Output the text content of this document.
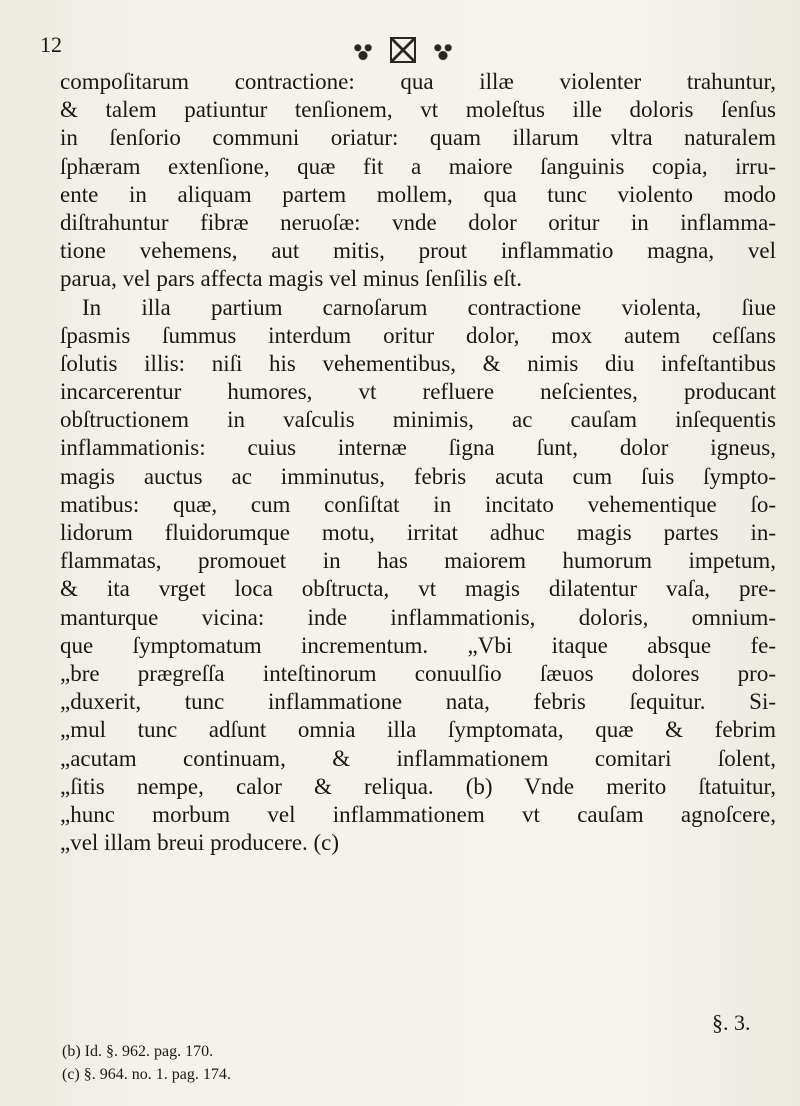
12
compoſitarum contractione: qua illæ violenter trahuntur,
& talem patiuntur tenſionem, vt moleſtus ille doloris ſenſus
in ſenſorio communi oriatur: quam illarum vltra naturalem
ſphæram extenſione, quæ fit a maiore ſanguinis copia, irru-
ente in aliquam partem mollem, qua tunc violento modo
diſtrahuntur fibræ neruoſæ: vnde dolor oritur in inflamma-
tione vehemens, aut mitis, prout inflammatio magna, vel
parua, vel pars affecta magis vel minus ſenſilis eſt.
In illa partium carnoſarum contractione violenta, ſiue
ſpasmis ſummus interdum oritur dolor, mox autem ceſſans
ſolutis illis: niſi his vehementibus, & nimis diu infeſtantibus
incarcerentur humores, vt refluere neſcientes, producant
obſtructionem in vaſculis minimis, ac cauſam inſequentis
inflammationis: cuius internæ ſigna ſunt, dolor igneus,
magis auctus ac imminutus, febris acuta cum ſuis ſympto-
matibus: quæ, cum conſiſtat in incitato vehementique ſo-
lidorum fluidorumque motu, irritat adhuc magis partes in-
flammatas, promouet in has maiorem humorum impetum,
& ita vrget loca obſtructa, vt magis dilatentur vaſa, pre-
manturque vicina: inde inflammationis, doloris, omnium-
que ſymptomatum incrementum. „Vbi itaque absque fe-
„bre prægreſſa inteſtinorum conuulſio ſæuos dolores pro-
„duxerit, tunc inflammatione nata, febris ſequitur. Si-
„mul tunc adſunt omnia illa ſymptomata, quæ & febrim
„acutam continuam, & inflammationem comitari ſolent,
„ſitis nempe, calor & reliqua. (b) Vnde merito ſtatuitur,
„hunc morbum vel inflammationem vt cauſam agnoſcere,
„vel illam breui producere. (c)
§. 3.
(b) Id. §. 962. pag. 170.
(c) §. 964. no. 1. pag. 174.
